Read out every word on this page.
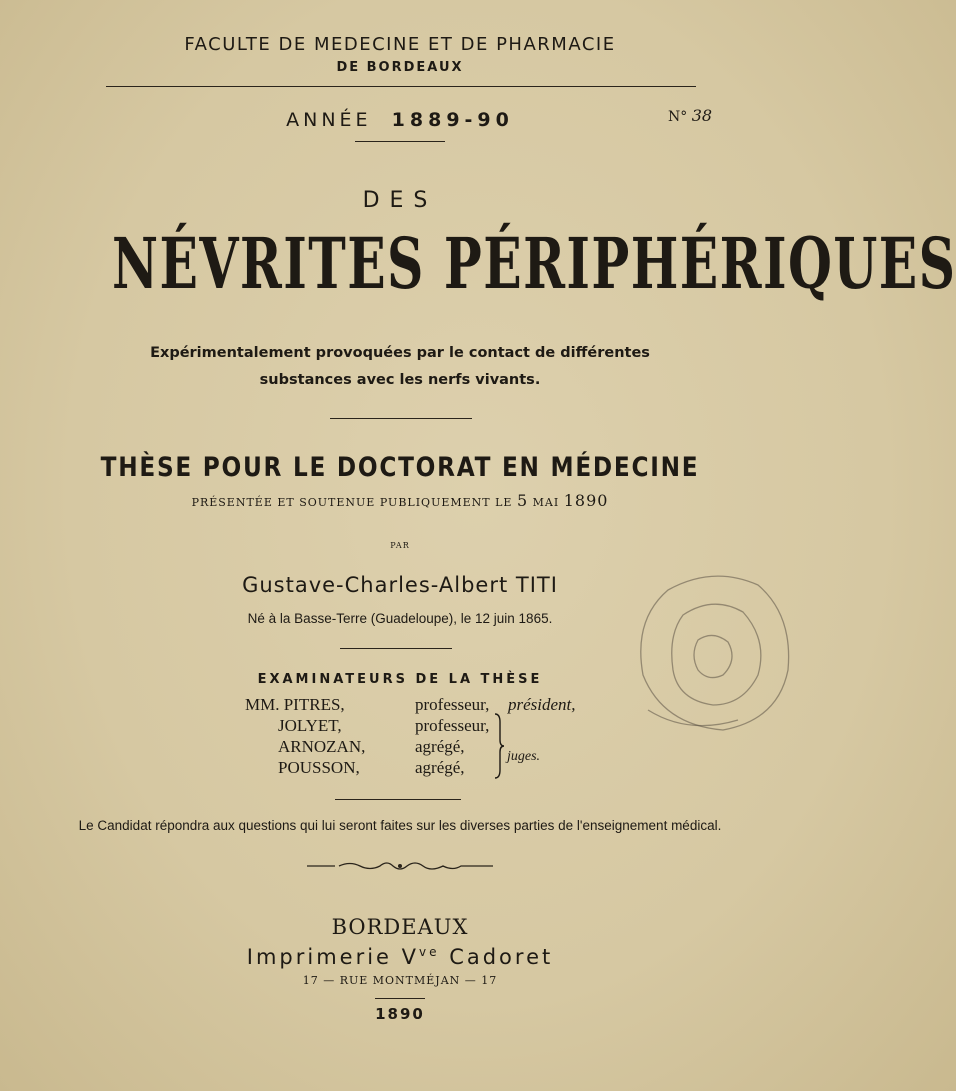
FACULTE DE MEDECINE ET DE PHARMACIE
DE BORDEAUX
ANNÉE 1889-90	N° 38
DES
NÉVRITES PÉRIPHÉRIQUES
Expérimentalement provoquées par le contact de différentes
substances avec les nerfs vivants.
THÈSE POUR LE DOCTORAT EN MÉDECINE
PRÉSENTÉE ET SOUTENUE PUBLIQUEMENT LE 5 MAI 1890
PAR
Gustave-Charles-Albert TITI
Né à la Basse-Terre (Guadeloupe), le 12 juin 1865.
EXAMINATEURS DE LA THÈSE
MM. PITRES,
JOLYET,
ARNOZAN,
POUSSON,
professeur,
professeur,
agrégé,
agrégé,
président,
juges.
Le Candidat répondra aux questions qui lui seront faites sur les diverses parties de l'enseignement médical.
BORDEAUX
Imprimerie $V^{ve}$ Cadoret
17 — RUE MONTMÉJAN — 17
1890
